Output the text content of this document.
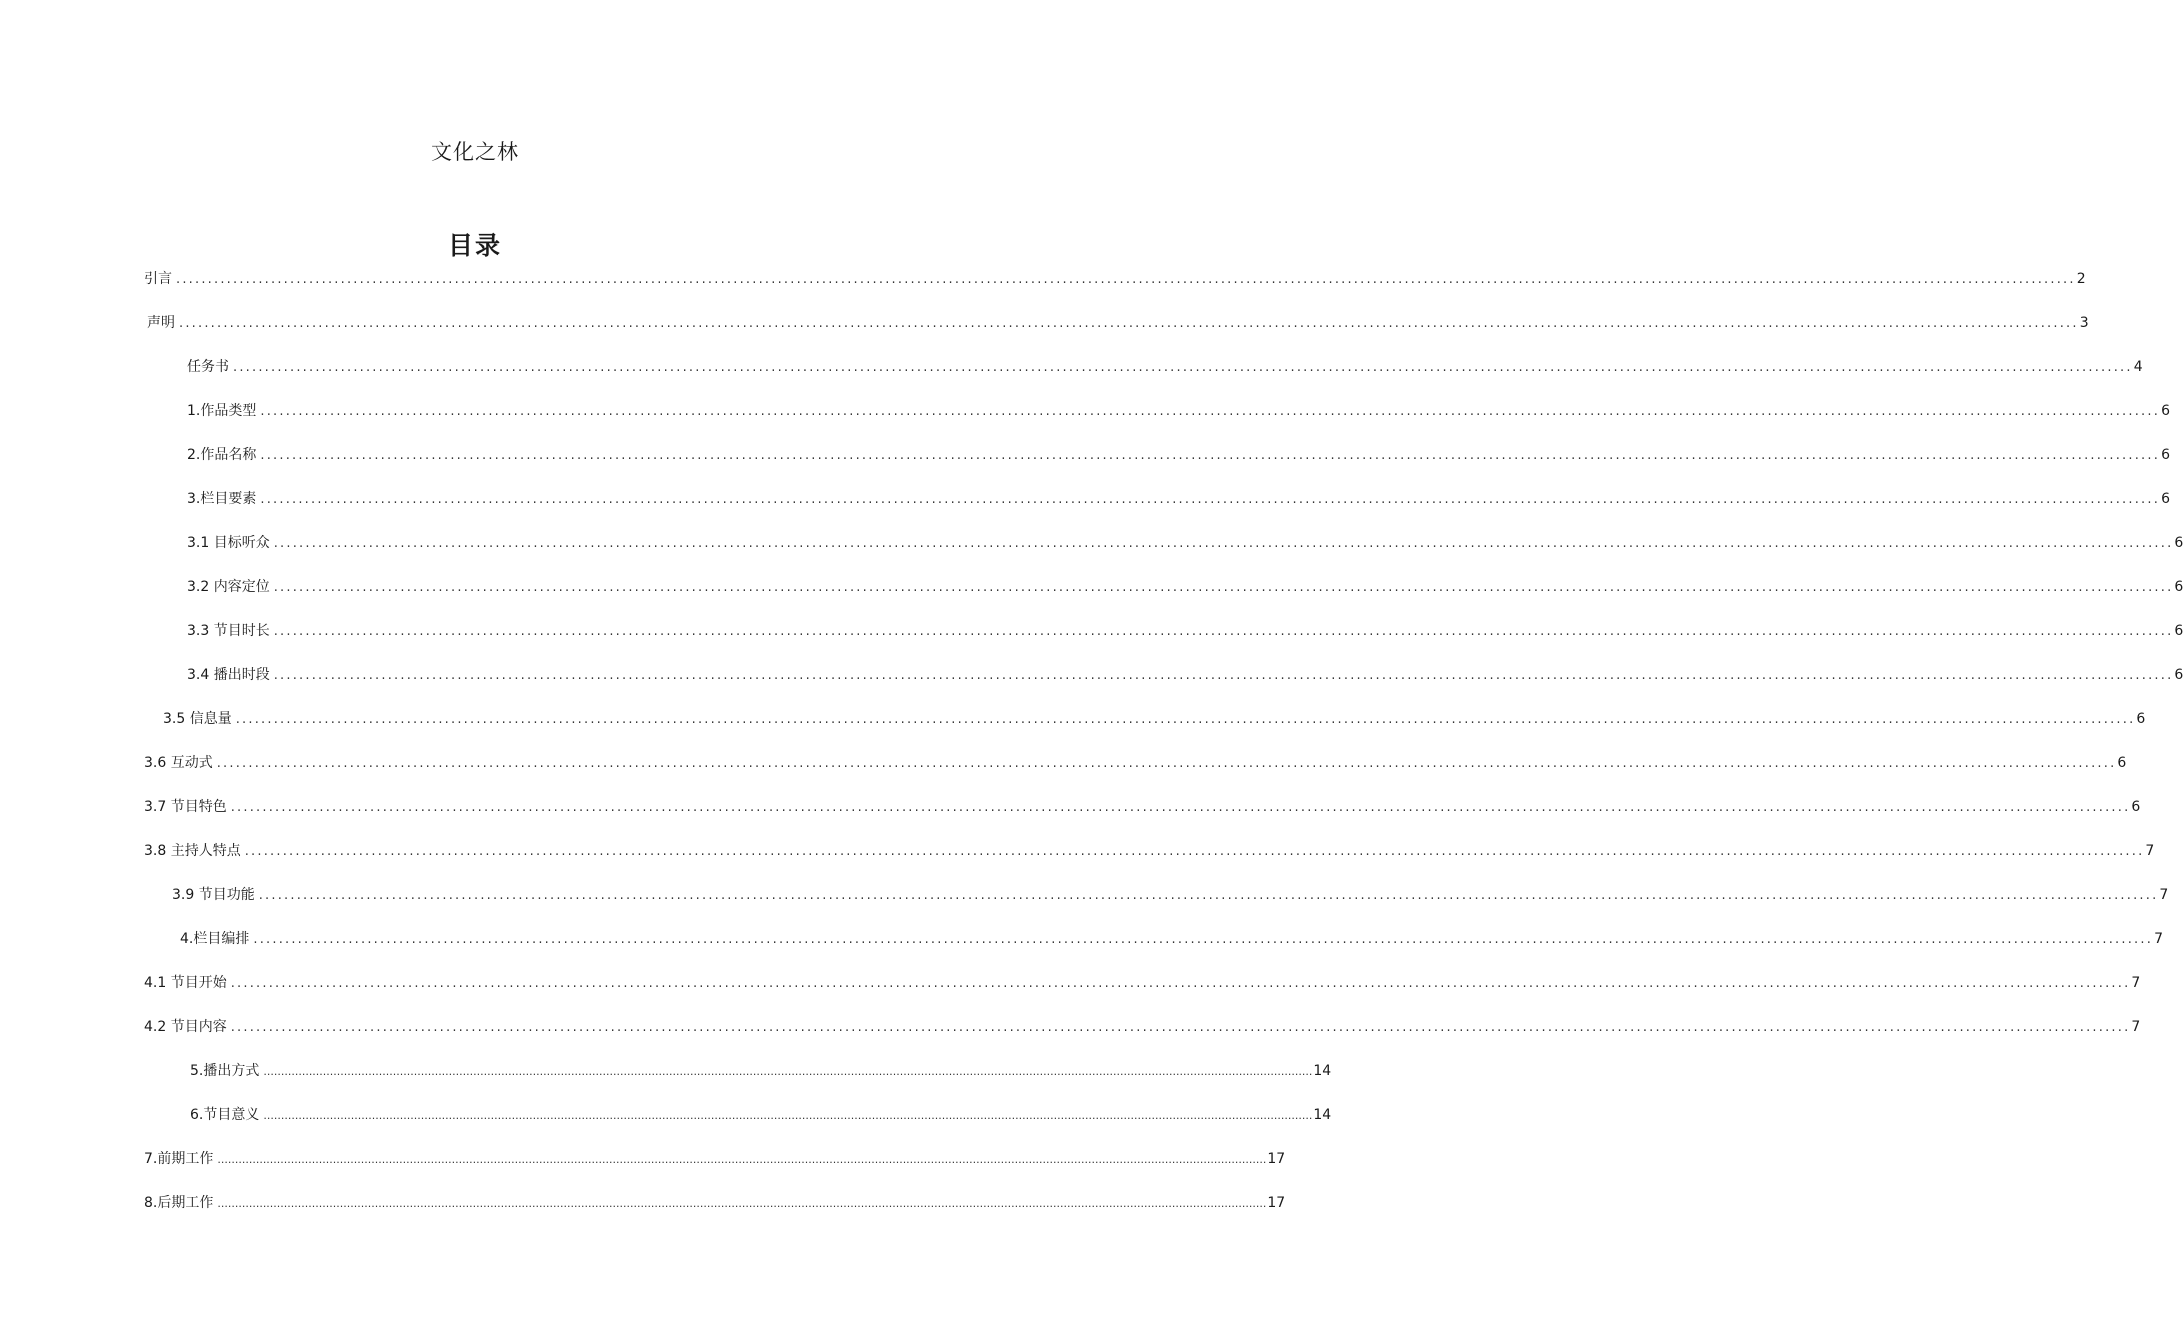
文化之林
目录
引言 ............................................................................................................................................................................................................................................................................................................ 2
声明 ............................................................................................................................................................................................................................................................................................................ 3
任务书 ............................................................................................................................................................................................................................................................................................................ 4
1.作品类型 ............................................................................................................................................................................................................................................................................................................ 6
2.作品名称 ............................................................................................................................................................................................................................................................................................................ 6
3.栏目要素 ............................................................................................................................................................................................................................................................................................................ 6
3.1 目标听众 ............................................................................................................................................................................................................................................................................................................ 6
3.2 内容定位 ............................................................................................................................................................................................................................................................................................................ 6
3.3 节目时长 ............................................................................................................................................................................................................................................................................................................ 6
3.4 播出时段 ............................................................................................................................................................................................................................................................................................................ 6
3.5 信息量 ............................................................................................................................................................................................................................................................................................................ 6
3.6 互动式 ............................................................................................................................................................................................................................................................................................................ 6
3.7 节目特色 ............................................................................................................................................................................................................................................................................................................ 6
3.8 主持人特点 ............................................................................................................................................................................................................................................................................................................ 7
3.9 节目功能 ............................................................................................................................................................................................................................................................................................................ 7
4.栏目编排 ............................................................................................................................................................................................................................................................................................................ 7
4.1 节目开始 ............................................................................................................................................................................................................................................................................................................ 7
4.2 节目内容 ............................................................................................................................................................................................................................................................................................................ 7
5.播出方式 ............................................................................................................................................................................................................................................................................................................ 14
6.节目意义 ............................................................................................................................................................................................................................................................................................................ 14
7.前期工作 ............................................................................................................................................................................................................................................................................................................ 17
8.后期工作 ............................................................................................................................................................................................................................................................................................................ 17
